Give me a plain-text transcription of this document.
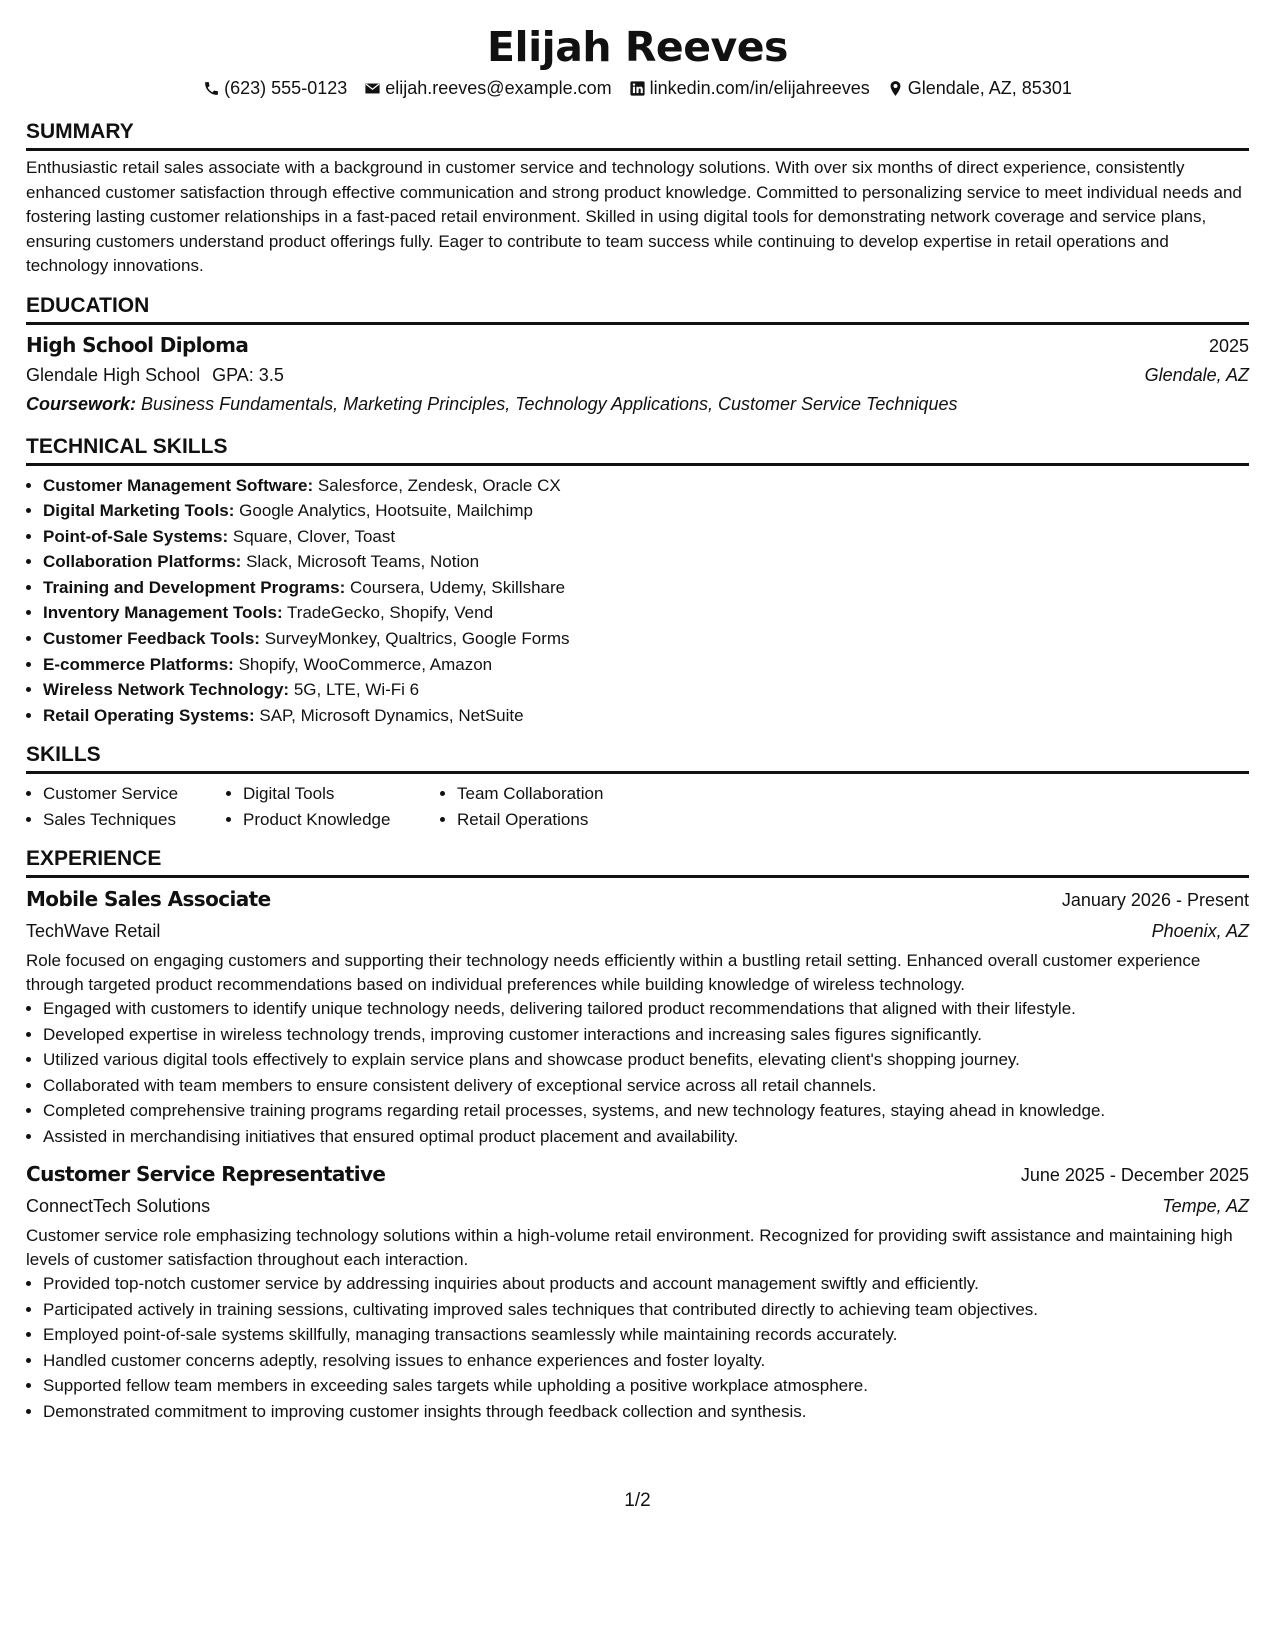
Elijah Reeves
(623) 555-0123 elijah.reeves@example.com linkedin.com/in/elijahreeves Glendale, AZ, 85301
SUMMARY
Enthusiastic retail sales associate with a background in customer service and technology solutions. With over six months of direct experience, consistently enhanced customer satisfaction through effective communication and strong product knowledge. Committed to personalizing service to meet individual needs and fostering lasting customer relationships in a fast-paced retail environment. Skilled in using digital tools for demonstrating network coverage and service plans, ensuring customers understand product offerings fully. Eager to contribute to team success while continuing to develop expertise in retail operations and technology innovations.
EDUCATION
High School Diploma	2025
Glendale High School GPA: 3.5	Glendale, AZ
Coursework: Business Fundamentals, Marketing Principles, Technology Applications, Customer Service Techniques
TECHNICAL SKILLS
• Customer Management Software: Salesforce, Zendesk, Oracle CX
• Digital Marketing Tools: Google Analytics, Hootsuite, Mailchimp
• Point-of-Sale Systems: Square, Clover, Toast
• Collaboration Platforms: Slack, Microsoft Teams, Notion
• Training and Development Programs: Coursera, Udemy, Skillshare
• Inventory Management Tools: TradeGecko, Shopify, Vend
• Customer Feedback Tools: SurveyMonkey, Qualtrics, Google Forms
• E-commerce Platforms: Shopify, WooCommerce, Amazon
• Wireless Network Technology: 5G, LTE, Wi-Fi 6
• Retail Operating Systems: SAP, Microsoft Dynamics, NetSuite
SKILLS
• Customer Service
• Sales Techniques
• Digital Tools
• Product Knowledge
• Team Collaboration
• Retail Operations
EXPERIENCE
Mobile Sales Associate	January 2026 - Present
TechWave Retail	Phoenix, AZ
Role focused on engaging customers and supporting their technology needs efficiently within a bustling retail setting. Enhanced overall customer experience through targeted product recommendations based on individual preferences while building knowledge of wireless technology.
• Engaged with customers to identify unique technology needs, delivering tailored product recommendations that aligned with their lifestyle.
• Developed expertise in wireless technology trends, improving customer interactions and increasing sales figures significantly.
• Utilized various digital tools effectively to explain service plans and showcase product benefits, elevating client's shopping journey.
• Collaborated with team members to ensure consistent delivery of exceptional service across all retail channels.
• Completed comprehensive training programs regarding retail processes, systems, and new technology features, staying ahead in knowledge.
• Assisted in merchandising initiatives that ensured optimal product placement and availability.
Customer Service Representative	June 2025 - December 2025
ConnectTech Solutions	Tempe, AZ
Customer service role emphasizing technology solutions within a high-volume retail environment. Recognized for providing swift assistance and maintaining high levels of customer satisfaction throughout each interaction.
• Provided top-notch customer service by addressing inquiries about products and account management swiftly and efficiently.
• Participated actively in training sessions, cultivating improved sales techniques that contributed directly to achieving team objectives.
• Employed point-of-sale systems skillfully, managing transactions seamlessly while maintaining records accurately.
• Handled customer concerns adeptly, resolving issues to enhance experiences and foster loyalty.
• Supported fellow team members in exceeding sales targets while upholding a positive workplace atmosphere.
• Demonstrated commitment to improving customer insights through feedback collection and synthesis.
1/2
